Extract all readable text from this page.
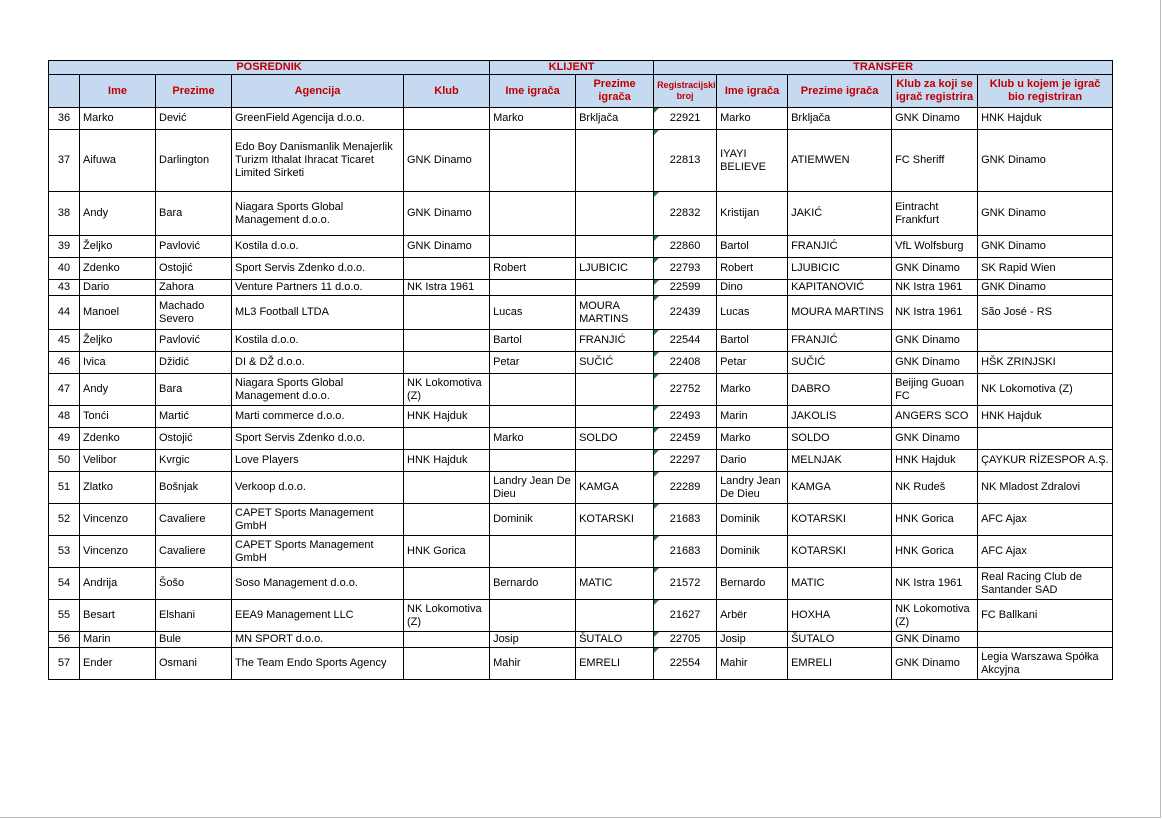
POSREDNIK					KLIJENT		TRANSFER				
	Ime	Prezime	Agencija	Klub	Ime igrača	Prezime igrača	Registracijski broj	Ime igrača	Prezime igrača	Klub za koji se igrač registrira	Klub u kojem je igrač bio registriran
36	Marko	Dević	GreenField Agencija d.o.o.		Marko	Brkljača	22921	Marko	Brkljača	GNK Dinamo	HNK Hajduk
37	Aifuwa	Darlington	Edo Boy Danismanlik Menajerlik Turizm Ithalat Ihracat Ticaret Limited Sirketi	GNK Dinamo			22813	IYAYI BELIEVE	ATIEMWEN	FC Sheriff	GNK Dinamo
38	Andy	Bara	Niagara Sports Global Management d.o.o.	GNK Dinamo			22832	Kristijan	JAKIĆ	Eintracht Frankfurt	GNK Dinamo
39	Željko	Pavlović	Kostila d.o.o.	GNK Dinamo			22860	Bartol	FRANJIĆ	VfL Wolfsburg	GNK Dinamo
40	Zdenko	Ostojić	Sport Servis Zdenko d.o.o.		Robert	LJUBICIC	22793	Robert	LJUBICIC	GNK Dinamo	SK Rapid Wien
43	Dario	Zahora	Venture Partners 11 d.o.o.	NK Istra 1961			22599	Dino	KAPITANOVIĆ	NK Istra 1961	GNK Dinamo
44	Manoel	Machado Severo	ML3 Football LTDA		Lucas	MOURA MARTINS	22439	Lucas	MOURA MARTINS	NK Istra 1961	São José - RS
45	Željko	Pavlović	Kostila d.o.o.		Bartol	FRANJIĆ	22544	Bartol	FRANJIĆ	GNK Dinamo	
46	Ivica	Džidić	DI & DŽ d.o.o.		Petar	SUČIĆ	22408	Petar	SUČIĆ	GNK Dinamo	HŠK ZRINJSKI
47	Andy	Bara	Niagara Sports Global Management d.o.o.	NK Lokomotiva (Z)			22752	Marko	DABRO	Beijing Guoan FC	NK Lokomotiva (Z)
48	Tonći	Martić	Marti commerce d.o.o.	HNK Hajduk			22493	Marin	JAKOLIS	ANGERS SCO	HNK Hajduk
49	Zdenko	Ostojić	Sport Servis Zdenko d.o.o.		Marko	SOLDO	22459	Marko	SOLDO	GNK Dinamo	
50	Velibor	Kvrgic	Love Players	HNK Hajduk			22297	Dario	MELNJAK	HNK Hajduk	ÇAYKUR RİZESPOR A.Ş.
51	Zlatko	Bošnjak	Verkoop d.o.o.		Landry Jean De Dieu	KAMGA	22289	Landry Jean De Dieu	KAMGA	NK Rudeš	NK Mladost Zdralovi
52	Vincenzo	Cavaliere	CAPET Sports Management GmbH		Dominik	KOTARSKI	21683	Dominik	KOTARSKI	HNK Gorica	AFC Ajax
53	Vincenzo	Cavaliere	CAPET Sports Management GmbH	HNK Gorica			21683	Dominik	KOTARSKI	HNK Gorica	AFC Ajax
54	Andrija	Šošo	Soso Management d.o.o.		Bernardo	MATIC	21572	Bernardo	MATIC	NK Istra 1961	Real Racing Club de Santander SAD
55	Besart	Elshani	EEA9 Management LLC	NK Lokomotiva (Z)			21627	Arbër	HOXHA	NK Lokomotiva (Z)	FC Ballkani
56	Marin	Bule	MN SPORT d.o.o.		Josip	ŠUTALO	22705	Josip	ŠUTALO	GNK Dinamo	
57	Ender	Osmani	The Team Endo Sports Agency		Mahir	EMRELI	22554	Mahir	EMRELI	GNK Dinamo	Legia Warszawa Spółka Akcyjna
